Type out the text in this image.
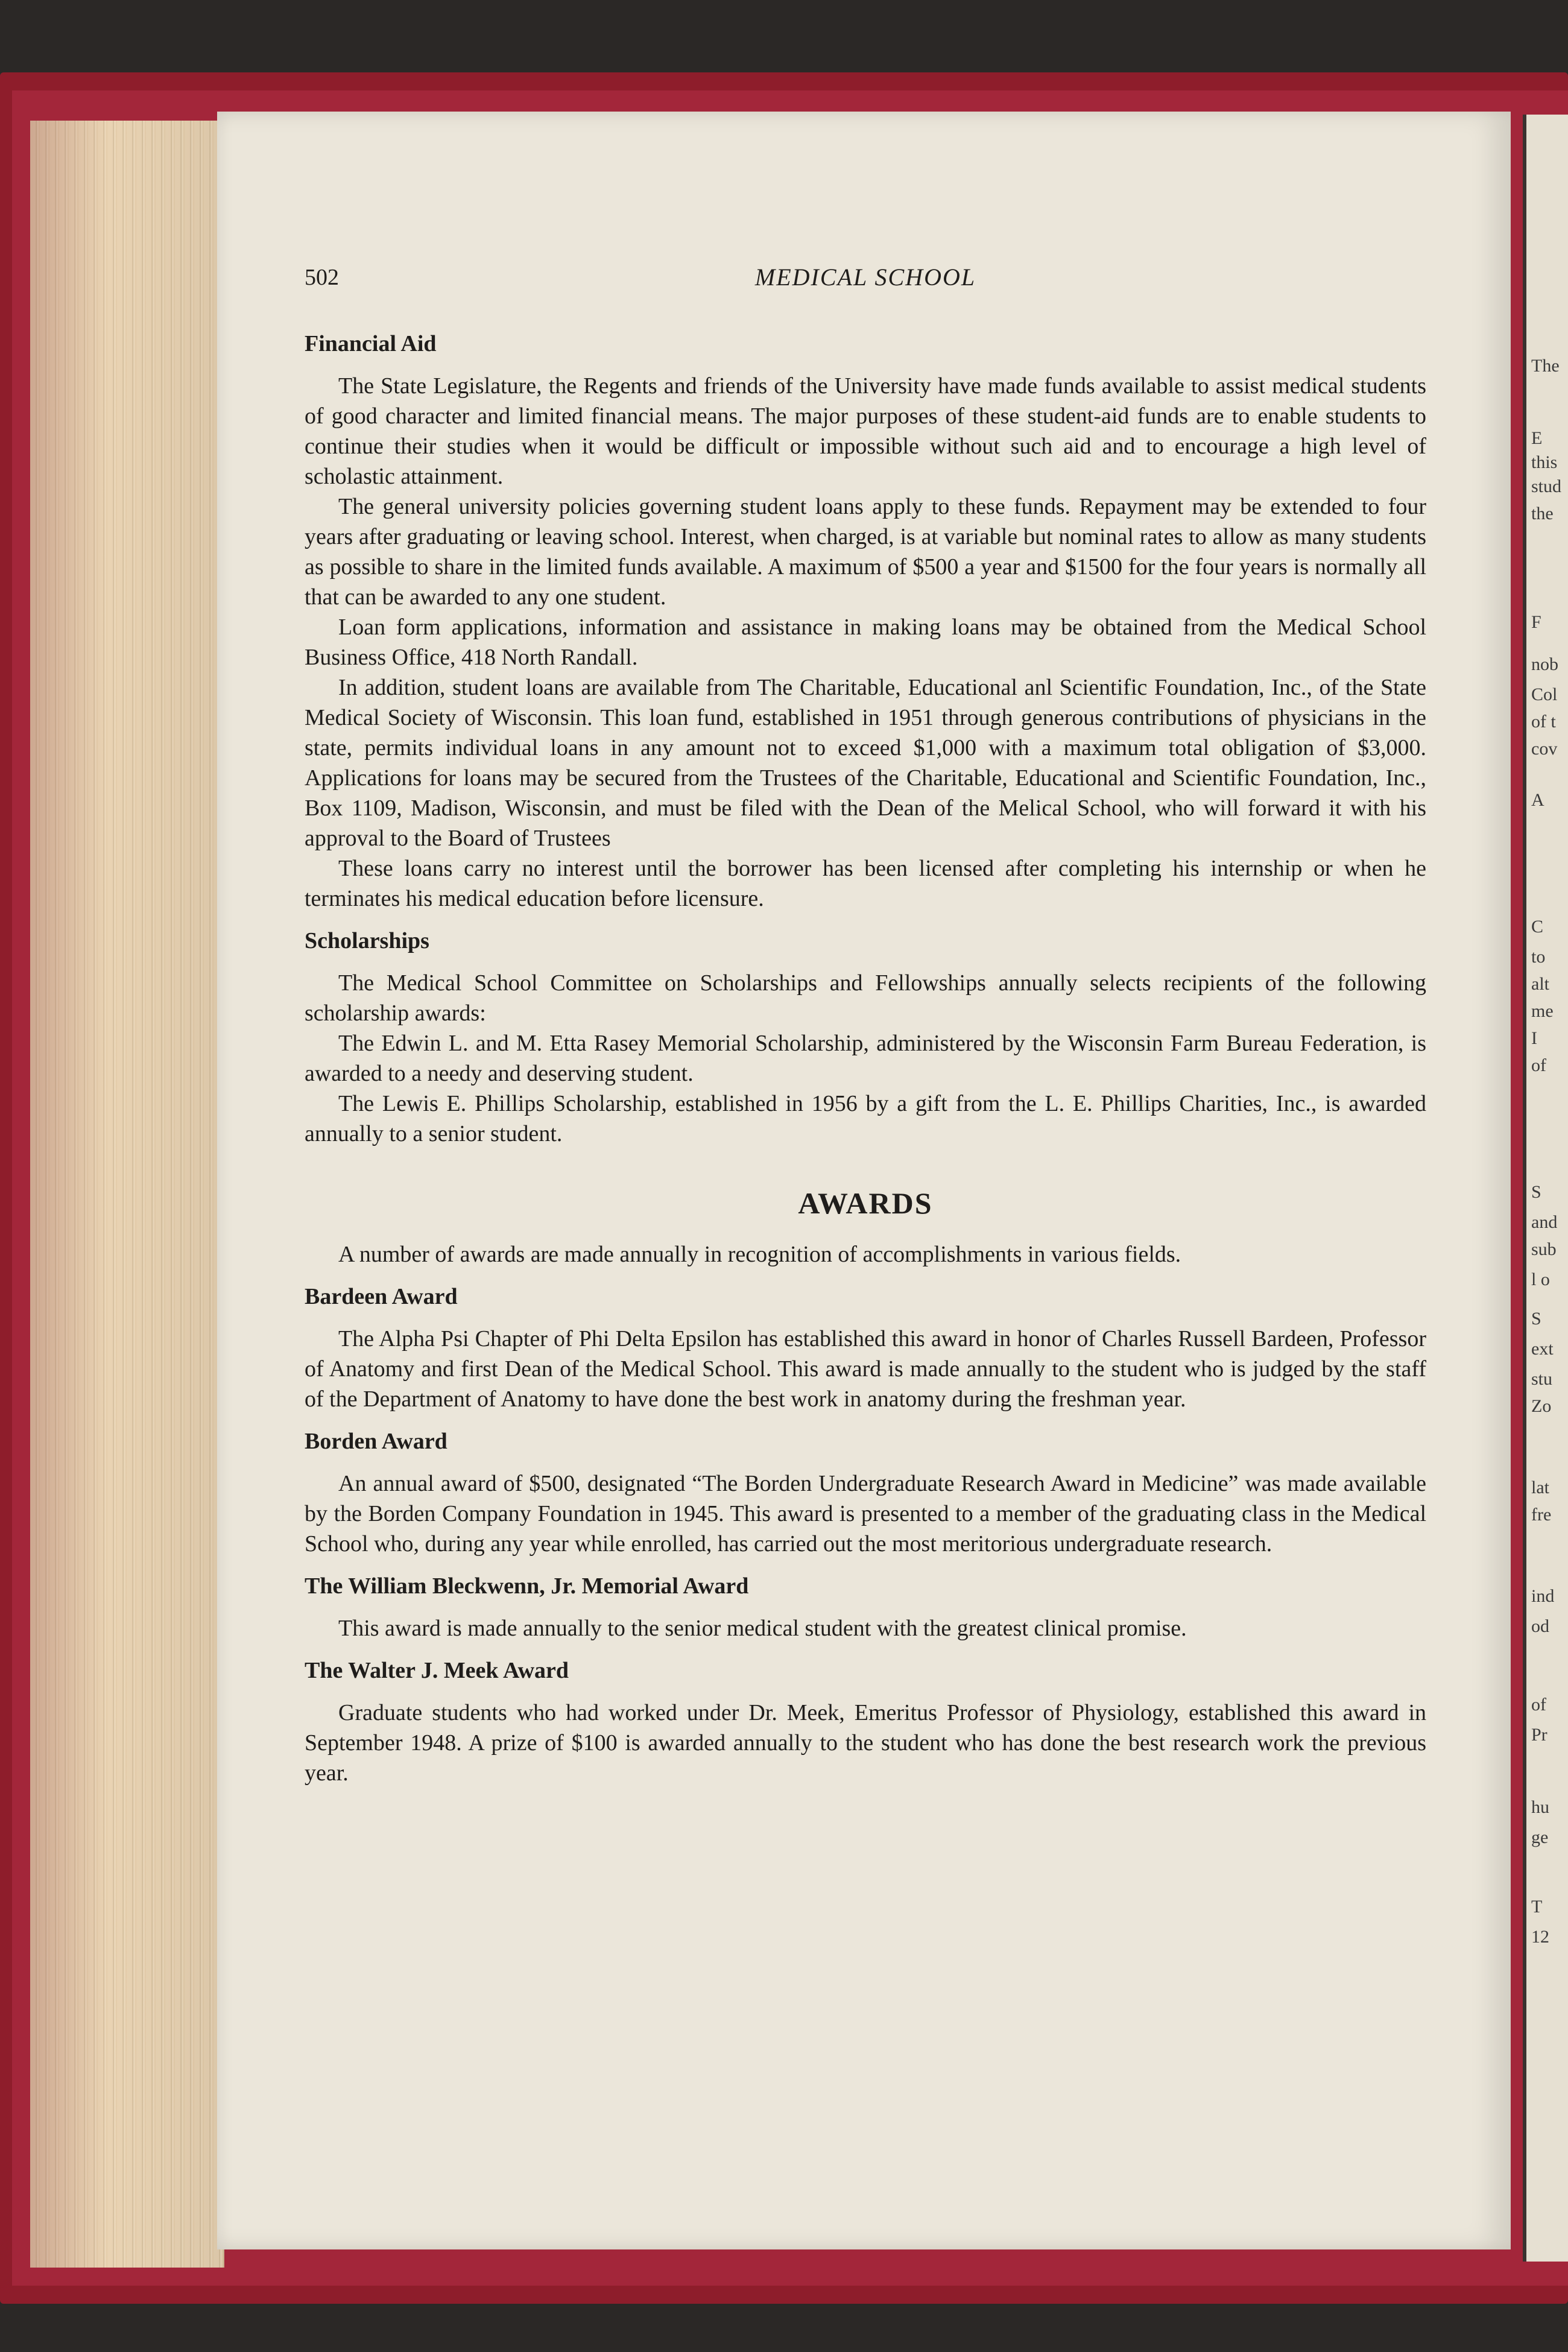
The
E
this
stud
the
F
nob
Col
of t
cov
A
C
to
alt
me
I
of
S
and
sub
l o
S
ext
stu
Zo
lat
fre
ind
od
of
Pr
hu
ge
T
12
502	MEDICAL SCHOOL
Financial Aid

The State Legislature, the Regents and friends of the University have made funds available to assist medical students of good character and limited financial means. The major purposes of these student-aid funds are to enable students to continue their studies when it would be difficult or impossible without such aid and to encourage a high level of scholastic attainment.

The general university policies governing student loans apply to these funds. Repayment may be extended to four years after graduating or leaving school. Interest, when charged, is at variable but nominal rates to allow as many students as possible to share in the limited funds available. A maximum of $500 a year and $1500 for the four years is normally all that can be awarded to any one student.

Loan form applications, information and assistance in making loans may be obtained from the Medical School Business Office, 418 North Randall.

In addition, student loans are available from The Charitable, Educational anl Scientific Foundation, Inc., of the State Medical Society of Wisconsin. This loan fund, established in 1951 through generous contributions of physicians in the state, permits individual loans in any amount not to exceed $1,000 with a maximum total obligation of $3,000. Applications for loans may be secured from the Trustees of the Charitable, Educational and Scientific Foundation, Inc., Box 1109, Madison, Wisconsin, and must be filed with the Dean of the Melical School, who will forward it with his approval to the Board of Trustees

These loans carry no interest until the borrower has been licensed after completing his internship or when he terminates his medical education before licensure.

Scholarships

The Medical School Committee on Scholarships and Fellowships annually selects recipients of the following scholarship awards:

The Edwin L. and M. Etta Rasey Memorial Scholarship, administered by the Wisconsin Farm Bureau Federation, is awarded to a needy and deserving student.

The Lewis E. Phillips Scholarship, established in 1956 by a gift from the L. E. Phillips Charities, Inc., is awarded annually to a senior student.

AWARDS

A number of awards are made annually in recognition of accomplishments in various fields.

Bardeen Award

The Alpha Psi Chapter of Phi Delta Epsilon has established this award in honor of Charles Russell Bardeen, Professor of Anatomy and first Dean of the Medical School. This award is made annually to the student who is judged by the staff of the Department of Anatomy to have done the best work in anatomy during the freshman year.

Borden Award

An annual award of $500, designated “The Borden Undergraduate Research Award in Medicine” was made available by the Borden Company Foundation in 1945. This award is presented to a member of the graduating class in the Medical School who, during any year while enrolled, has carried out the most meritorious undergraduate research.

The William Bleckwenn, Jr. Memorial Award

This award is made annually to the senior medical student with the greatest clinical promise.

The Walter J. Meek Award

Graduate students who had worked under Dr. Meek, Emeritus Professor of Physiology, established this award in September 1948. A prize of $100 is awarded annually to the student who has done the best research work the previous year.
